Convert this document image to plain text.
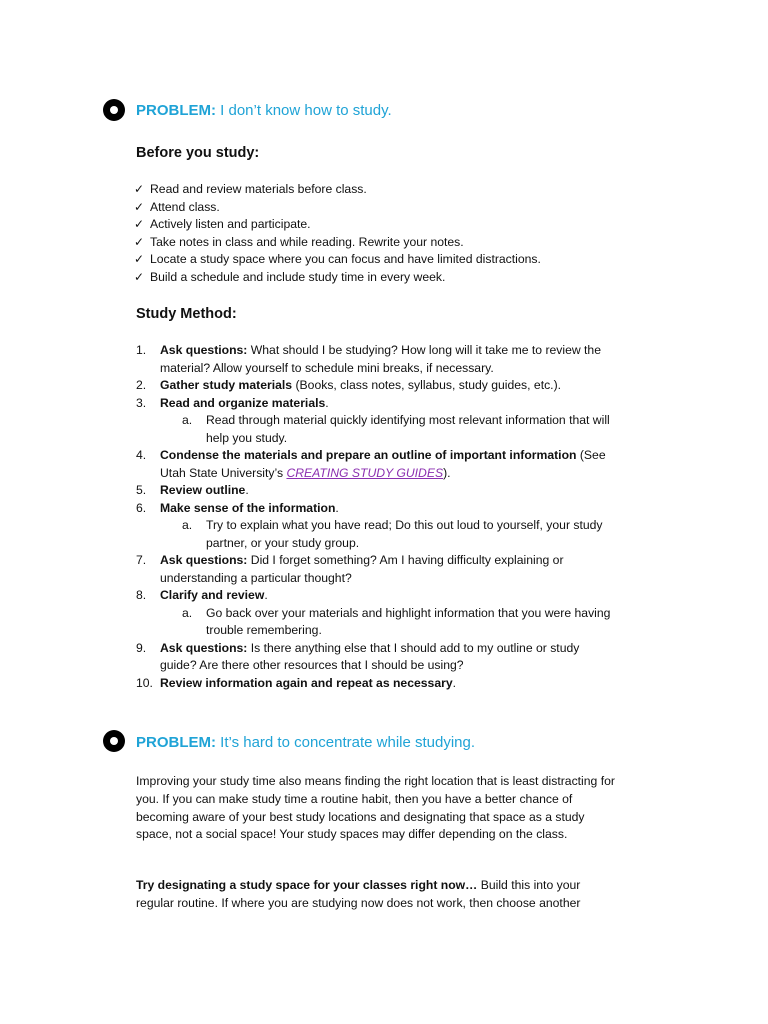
PROBLEM: I don’t know how to study.
Before you study:
✓ Read and review materials before class.
✓ Attend class.
✓ Actively listen and participate.
✓ Take notes in class and while reading. Rewrite your notes.
✓ Locate a study space where you can focus and have limited distractions.
✓ Build a schedule and include study time in every week.
Study Method:
1. Ask questions: What should I be studying? How long will it take me to review the material? Allow yourself to schedule mini breaks, if necessary.
2. Gather study materials (Books, class notes, syllabus, study guides, etc.).
3. Read and organize materials.
a. Read through material quickly identifying most relevant information that will help you study.
4. Condense the materials and prepare an outline of important information (See Utah State University’s CREATING STUDY GUIDES).
5. Review outline.
6. Make sense of the information.
a. Try to explain what you have read; Do this out loud to yourself, your study partner, or your study group.
7. Ask questions: Did I forget something? Am I having difficulty explaining or understanding a particular thought?
8. Clarify and review.
a. Go back over your materials and highlight information that you were having trouble remembering.
9. Ask questions: Is there anything else that I should add to my outline or study guide? Are there other resources that I should be using?
10. Review information again and repeat as necessary.
PROBLEM: It’s hard to concentrate while studying.

Improving your study time also means finding the right location that is least distracting for you. If you can make study time a routine habit, then you have a better chance of becoming aware of your best study locations and designating that space as a study space, not a social space! Your study spaces may differ depending on the class.

Try designating a study space for your classes right now… Build this into your regular routine. If where you are studying now does not work, then choose another
